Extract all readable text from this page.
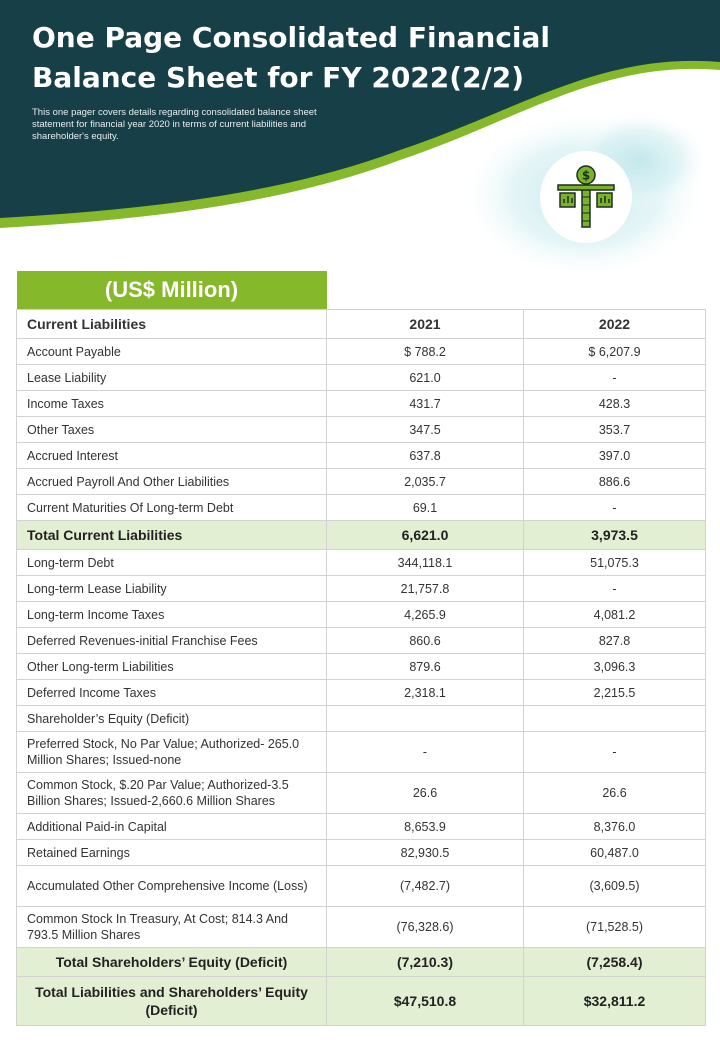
One Page Consolidated Financial Balance Sheet for FY 2022(2/2)

This one pager covers details regarding consolidated balance sheet statement for financial year 2020 in terms of current liabilities and shareholder's equity.

$
(US$ Million)		
Current Liabilities	2021	2022
Account Payable	$ 788.2	$ 6,207.9
Lease Liability	621.0	-
Income Taxes	431.7	428.3
Other Taxes	347.5	353.7
Accrued Interest	637.8	397.0
Accrued Payroll And Other Liabilities	2,035.7	886.6
Current Maturities Of Long-term Debt	69.1	-
Total Current Liabilities	6,621.0	3,973.5
Long-term Debt	344,118.1	51,075.3
Long-term Lease Liability	21,757.8	-
Long-term Income Taxes	4,265.9	4,081.2
Deferred Revenues-initial Franchise Fees	860.6	827.8
Other Long-term Liabilities	879.6	3,096.3
Deferred Income Taxes	2,318.1	2,215.5
Shareholder’s Equity (Deficit)		
Preferred Stock, No Par Value; Authorized- 265.0 Million Shares; Issued-none	-	-
Common Stock, $.20 Par Value; Authorized-3.5 Billion Shares; Issued-2,660.6 Million Shares	26.6	26.6
Additional Paid-in Capital	8,653.9	8,376.0
Retained Earnings	82,930.5	60,487.0
Accumulated Other Comprehensive Income (Loss)	(7,482.7)	(3,609.5)
Common Stock In Treasury, At Cost; 814.3 And 793.5 Million Shares	(76,328.6)	(71,528.5)
Total Shareholders’ Equity (Deficit)	(7,210.3)	(7,258.4)
Total Liabilities and Shareholders’ Equity (Deficit)	$47,510.8	$32,811.2
